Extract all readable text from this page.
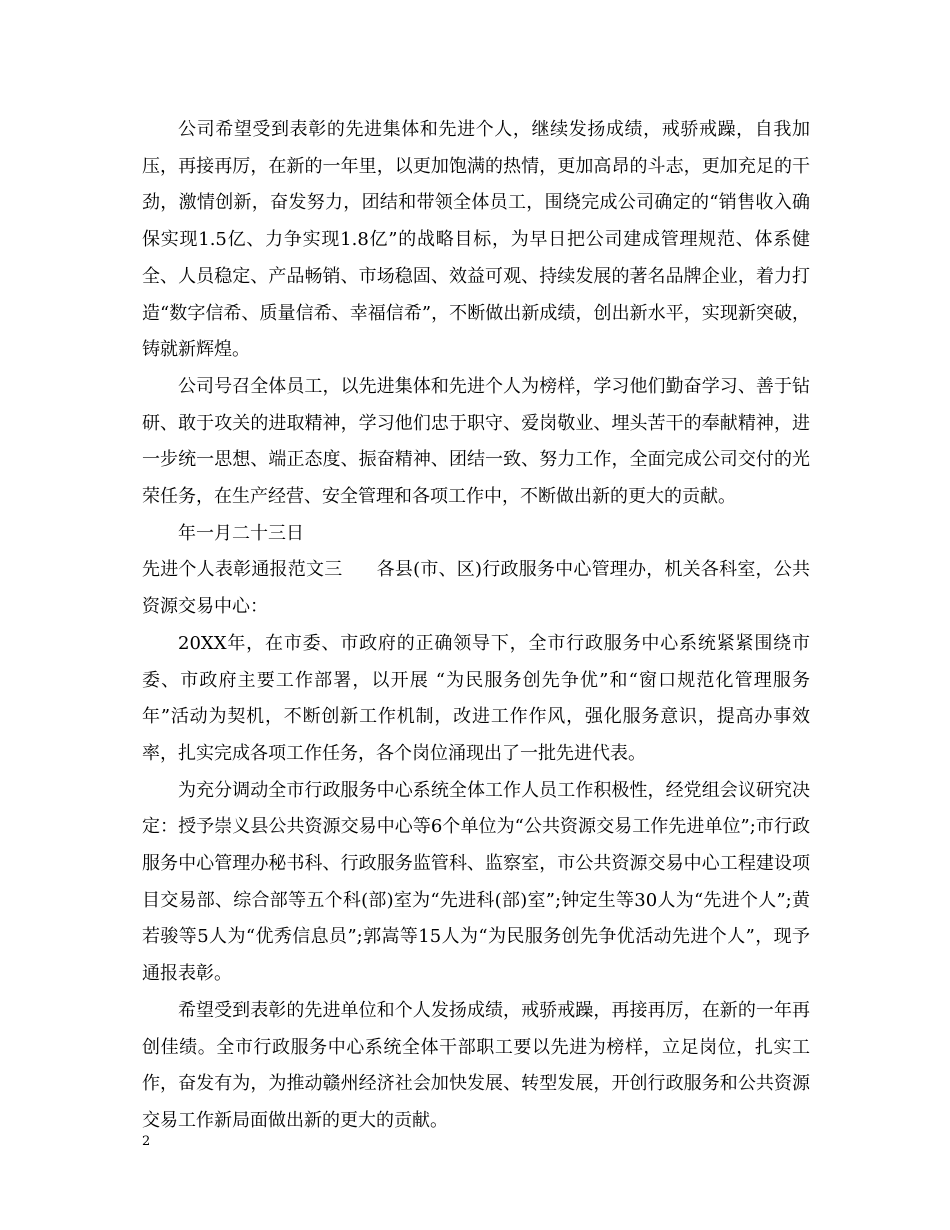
公司希望受到表彰的先进集体和先进个人，继续发扬成绩，戒骄戒躁，自我加压，再接再厉，在新的一年里，以更加饱满的热情，更加高昂的斗志，更加充足的干劲，激情创新，奋发努力，团结和带领全体员工，围绕完成公司确定的“销售收入确保实现1.5亿、力争实现1.8亿”的战略目标，为早日把公司建成管理规范、体系健全、人员稳定、产品畅销、市场稳固、效益可观、持续发展的著名品牌企业，着力打造“数字信希、质量信希、幸福信希”，不断做出新成绩，创出新水平，实现新突破，铸就新辉煌。

公司号召全体员工，以先进集体和先进个人为榜样，学习他们勤奋学习、善于钻研、敢于攻关的进取精神，学习他们忠于职守、爱岗敬业、埋头苦干的奉献精神，进一步统一思想、端正态度、振奋精神、团结一致、努力工作，全面完成公司交付的光荣任务，在生产经营、安全管理和各项工作中，不断做出新的更大的贡献。

年一月二十三日

先进个人表彰通报范文三 各县(市、区)行政服务中心管理办，机关各科室，公共资源交易中心：

20XX年，在市委、市政府的正确领导下，全市行政服务中心系统紧紧围绕市委、市政府主要工作部署，以开展 “为民服务创先争优”和“窗口规范化管理服务年”活动为契机，不断创新工作机制，改进工作作风，强化服务意识，提高办事效率，扎实完成各项工作任务，各个岗位涌现出了一批先进代表。

为充分调动全市行政服务中心系统全体工作人员工作积极性，经党组会议研究决定：授予崇义县公共资源交易中心等6个单位为“公共资源交易工作先进单位”;市行政服务中心管理办秘书科、行政服务监管科、监察室，市公共资源交易中心工程建设项目交易部、综合部等五个科(部)室为“先进科(部)室”;钟定生等30人为“先进个人”;黄若骏等5人为“优秀信息员”;郭嵩等15人为“为民服务创先争优活动先进个人”，现予通报表彰。

希望受到表彰的先进单位和个人发扬成绩，戒骄戒躁，再接再厉，在新的一年再创佳绩。全市行政服务中心系统全体干部职工要以先进为榜样，立足岗位，扎实工作，奋发有为，为推动赣州经济社会加快发展、转型发展，开创行政服务和公共资源交易工作新局面做出新的更大的贡献。

2
